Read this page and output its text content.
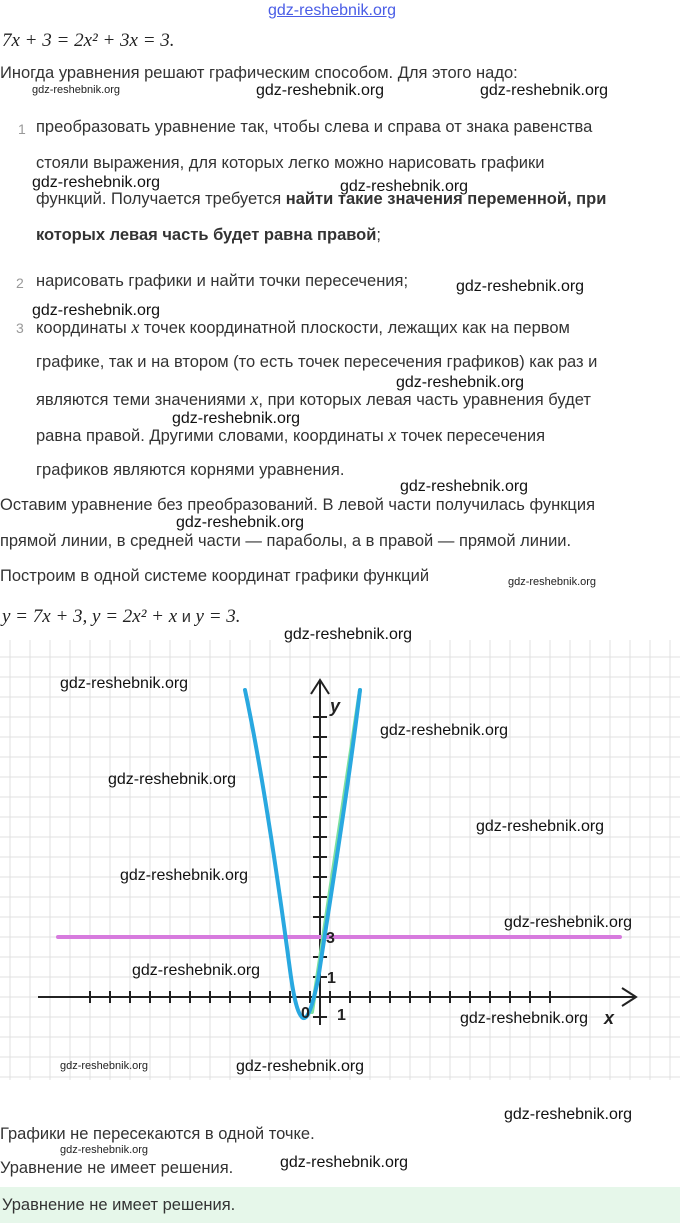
gdz-reshebnik.org
7x + 3 = 2x² + 3x = 3.
Иногда уравнения решают графическим способом. Для этого надо:
1 преобразовать уравнение так, чтобы слева и справа от знака равенства
стояли выражения, для которых легко можно нарисовать графики
функций. Получается требуется найти такие значения переменной, при
которых левая часть будет равна правой;
2 нарисовать графики и найти точки пересечения;
3 координаты x точек координатной плоскости, лежащих как на первом
графике, так и на втором (то есть точек пересечения графиков) как раз и
являются теми значениями x, при которых левая часть уравнения будет
равна правой. Другими словами, координаты x точек пересечения
графиков являются корнями уравнения.
Оставим уравнение без преобразований. В левой части получилась функция
прямой линии, в средней части — параболы, а в правой — прямой линии.
Построим в одной системе координат графики функций
y = 7x + 3, y = 2x² + x и y = 3.
x
y
0 1
1
3
Графики не пересекаются в одной точке.
Уравнение не имеет решения.
Уравнение не имеет решения.
gdz-reshebnik.org	gdz-reshebnik.org	gdz-reshebnik.org
gdz-reshebnik.org	gdz-reshebnik.org
gdz-reshebnik.org
gdz-reshebnik.org
gdz-reshebnik.org
gdz-reshebnik.org
gdz-reshebnik.org
gdz-reshebnik.org
gdz-reshebnik.org
gdz-reshebnik.org
gdz-reshebnik.org
gdz-reshebnik.org
gdz-reshebnik.org
gdz-reshebnik.org
gdz-reshebnik.org
gdz-reshebnik.org
gdz-reshebnik.org
gdz-reshebnik.org
gdz-reshebnik.org	gdz-reshebnik.org
gdz-reshebnik.org
gdz-reshebnik.org
gdz-reshebnik.org
